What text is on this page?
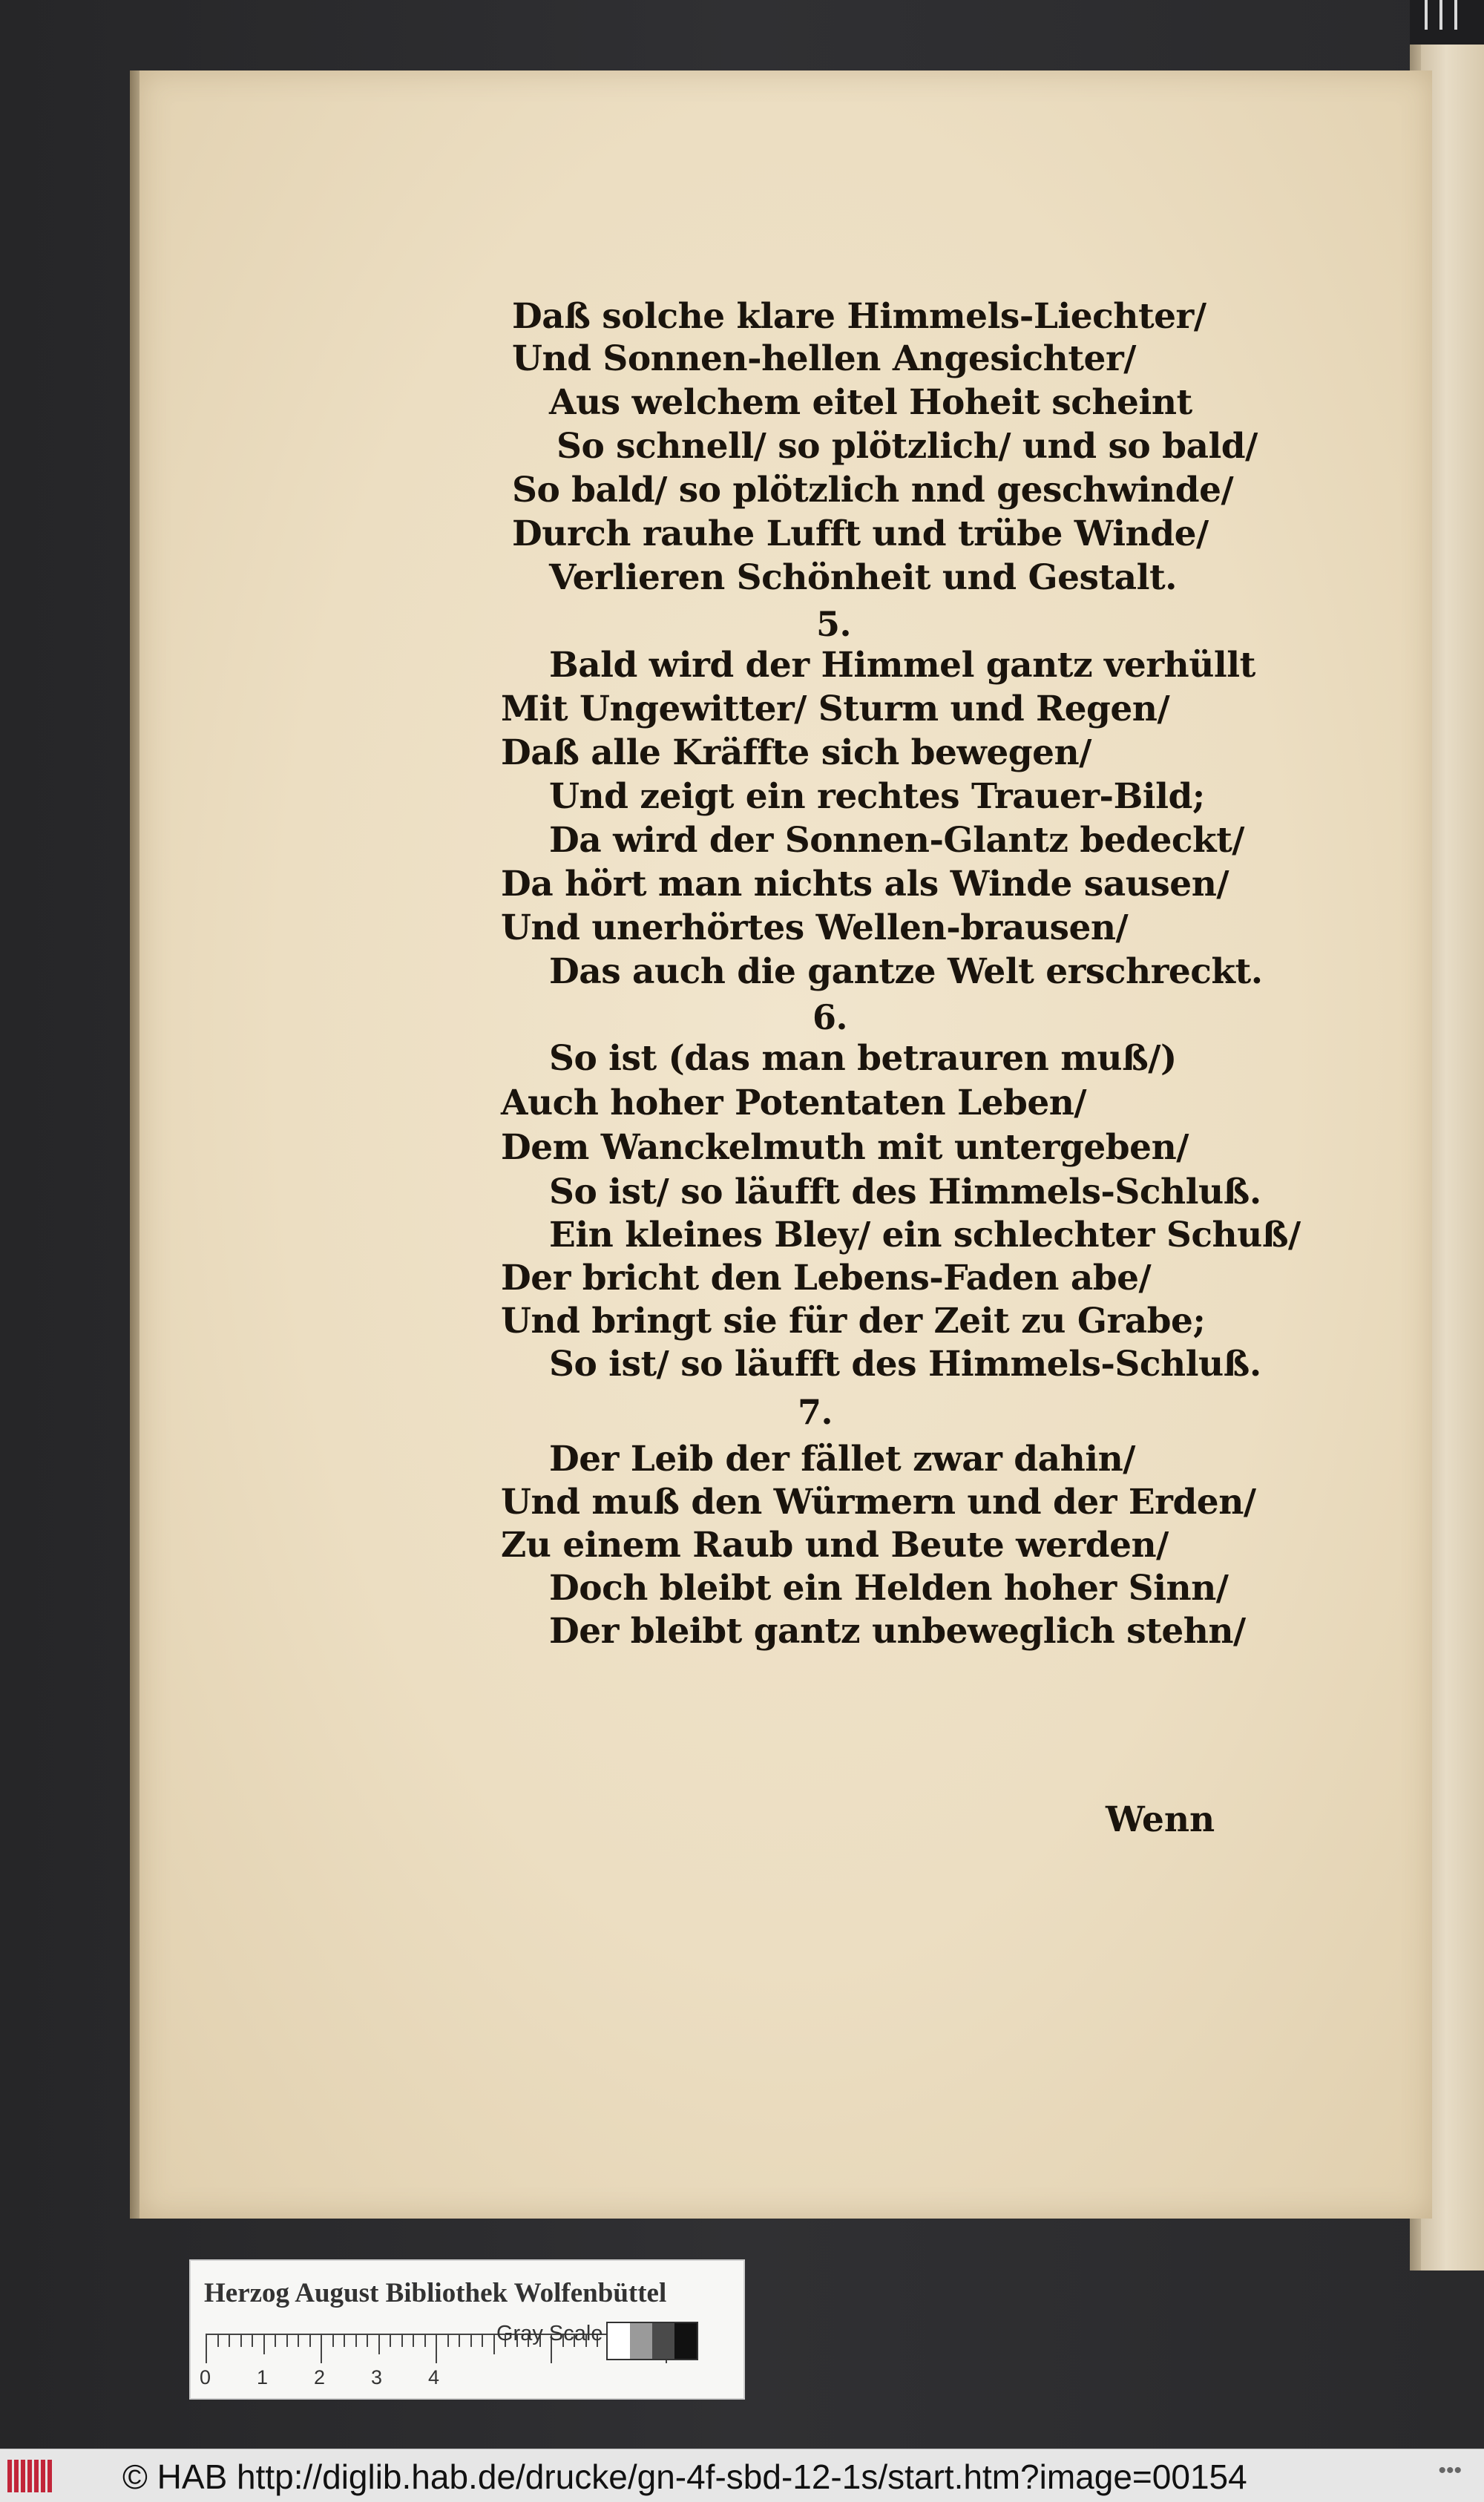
Daß solche klare Himmels-Liechter/
Und Sonnen-hellen Angesichter/
Aus welchem eitel Hoheit scheint
So schnell/ so plötzlich/ und so bald/
So bald/ so plötzlich nnd geschwinde/
Durch rauhe Lufft und trübe Winde/
Verlieren Schönheit und Gestalt.
5.
Bald wird der Himmel gantz verhüllt
Mit Ungewitter/ Sturm und Regen/
Daß alle Kräffte sich bewegen/
Und zeigt ein rechtes Trauer-Bild;
Da wird der Sonnen-Glantz bedeckt/
Da hört man nichts als Winde sausen/
Und unerhörtes Wellen-brausen/
Das auch die gantze Welt erschreckt.
6.
So ist (das man betrauren muß/)
Auch hoher Potentaten Leben/
Dem Wanckelmuth mit untergeben/
So ist/ so läufft des Himmels-Schluß.
Ein kleines Bley/ ein schlechter Schuß/
Der bricht den Lebens-Faden abe/
Und bringt sie für der Zeit zu Grabe;
So ist/ so läufft des Himmels-Schluß.
7.
Der Leib der fället zwar dahin/
Und muß den Würmern und der Erden/
Zu einem Raub und Beute werden/
Doch bleibt ein Helden hoher Sinn/
Der bleibt gantz unbeweglich stehn/
Wenn
Herzog August Bibliothek Wolfenbüttel
0 1 2 3 4
Gray Scale
© HAB http://diglib.hab.de/drucke/gn-4f-sbd-12-1s/start.htm?image=00154	•••
